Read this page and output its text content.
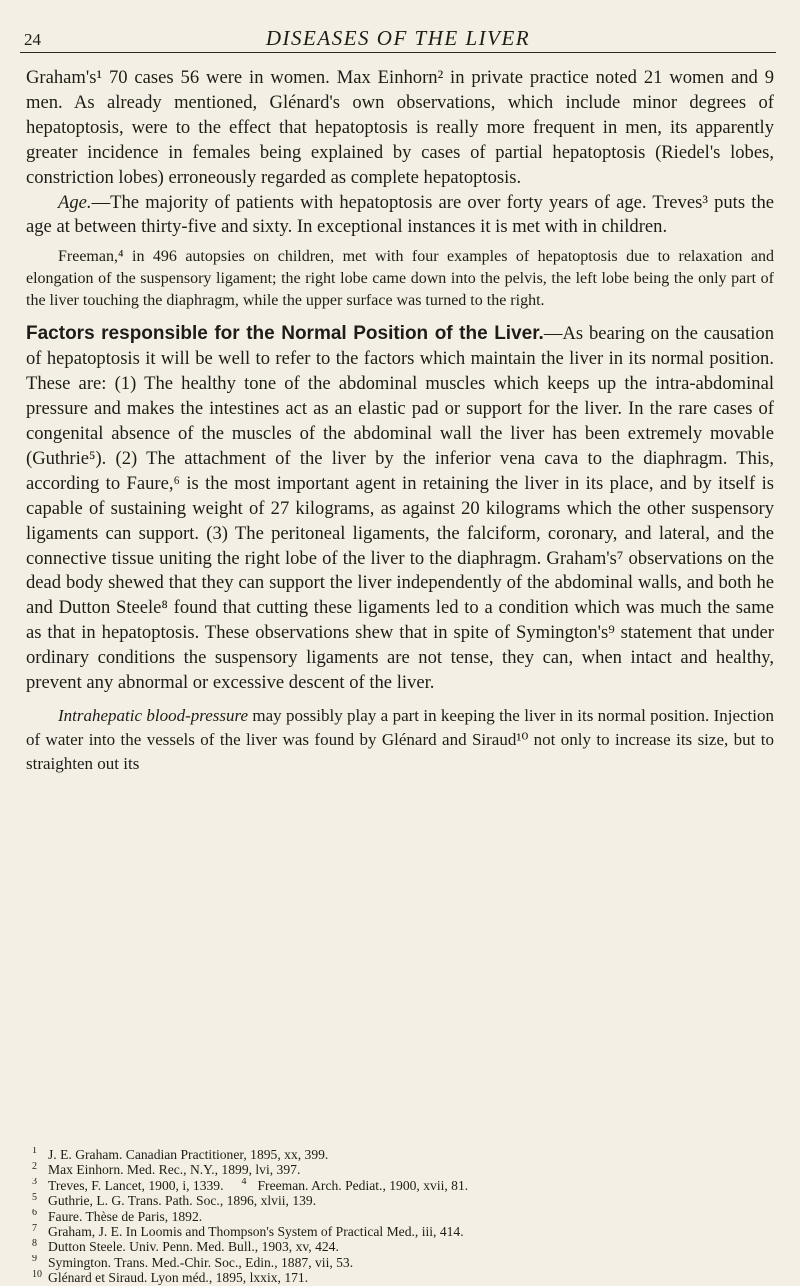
24	DISEASES OF THE LIVER

Graham's¹ 70 cases 56 were in women. Max Einhorn² in private practice noted 21 women and 9 men. As already mentioned, Glénard's own observations, which include minor degrees of hepatoptosis, were to the effect that hepatoptosis is really more frequent in men, its apparently greater incidence in females being explained by cases of partial hepatoptosis (Riedel's lobes, constriction lobes) erroneously regarded as complete hepatoptosis.

Age.—The majority of patients with hepatoptosis are over forty years of age. Treves³ puts the age at between thirty-five and sixty. In exceptional instances it is met with in children.

Freeman,⁴ in 496 autopsies on children, met with four examples of hepatoptosis due to relaxation and elongation of the suspensory ligament; the right lobe came down into the pelvis, the left lobe being the only part of the liver touching the diaphragm, while the upper surface was turned to the right.

Factors responsible for the Normal Position of the Liver.—As bearing on the causation of hepatoptosis it will be well to refer to the factors which maintain the liver in its normal position. These are: (1) The healthy tone of the abdominal muscles which keeps up the intra-abdominal pressure and makes the intestines act as an elastic pad or support for the liver. In the rare cases of congenital absence of the muscles of the abdominal wall the liver has been extremely movable (Guthrie⁵). (2) The attachment of the liver by the inferior vena cava to the diaphragm. This, according to Faure,⁶ is the most important agent in retaining the liver in its place, and by itself is capable of sustaining weight of 27 kilograms, as against 20 kilograms which the other suspensory ligaments can support. (3) The peritoneal ligaments, the falciform, coronary, and lateral, and the connective tissue uniting the right lobe of the liver to the diaphragm. Graham's⁷ observations on the dead body shewed that they can support the liver independently of the abdominal walls, and both he and Dutton Steele⁸ found that cutting these ligaments led to a condition which was much the same as that in hepatoptosis. These observations shew that in spite of Symington's⁹ statement that under ordinary conditions the suspensory ligaments are not tense, they can, when intact and healthy, prevent any abnormal or excessive descent of the liver.

Intrahepatic blood-pressure may possibly play a part in keeping the liver in its normal position. Injection of water into the vessels of the liver was found by Glénard and Siraud¹⁰ not only to increase its size, but to straighten out its

1 J. E. Graham. Canadian Practitioner, 1895, xx, 399.
2 Max Einhorn. Med. Rec., N.Y., 1899, lvi, 397.
3 Treves, F. Lancet, 1900, i, 1339. 4 Freeman. Arch. Pediat., 1900, xvii, 81.
5 Guthrie, L. G. Trans. Path. Soc., 1896, xlvii, 139.
6 Faure. Thèse de Paris, 1892.
7 Graham, J. E. In Loomis and Thompson's System of Practical Med., iii, 414.
8 Dutton Steele. Univ. Penn. Med. Bull., 1903, xv, 424.
9 Symington. Trans. Med.-Chir. Soc., Edin., 1887, vii, 53.
10 Glénard et Siraud. Lyon méd., 1895, lxxix, 171.
